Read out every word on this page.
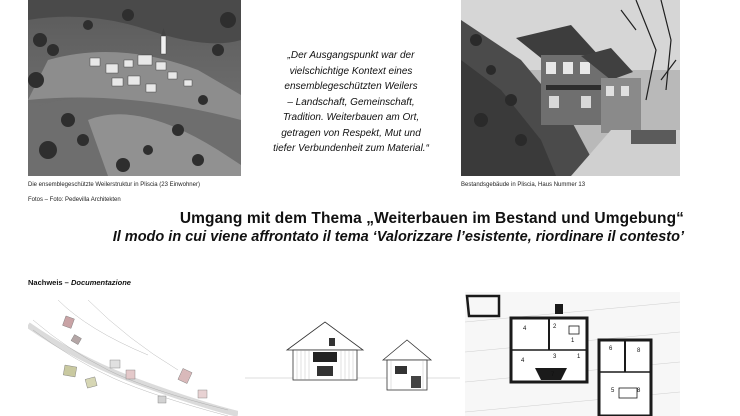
Die ensemblegeschützte Weilerstruktur in Pliscia (23 Einwohner)
Fotos – Foto: Pedevilla Architekten
„Der Ausgangspunkt war der
vielschichtige Kontext eines
ensemblegeschützten Weilers
– Landschaft, Gemeinschaft,
Tradition. Weiterbauen am Ort,
getragen von Respekt, Mut und
tiefer Verbundenheit zum Material.“
Bestandsgebäude in Pliscia, Haus Nummer 13
Umgang mit dem Thema „Weiterbauen im Bestand und Umgebung“
Il modo in cui viene affrontato il tema ‘Valorizzare l’esistente, riordinare il contesto’
Nachweis – Documentazione
4	2
1
4
3	1
7
6	8
8
5
